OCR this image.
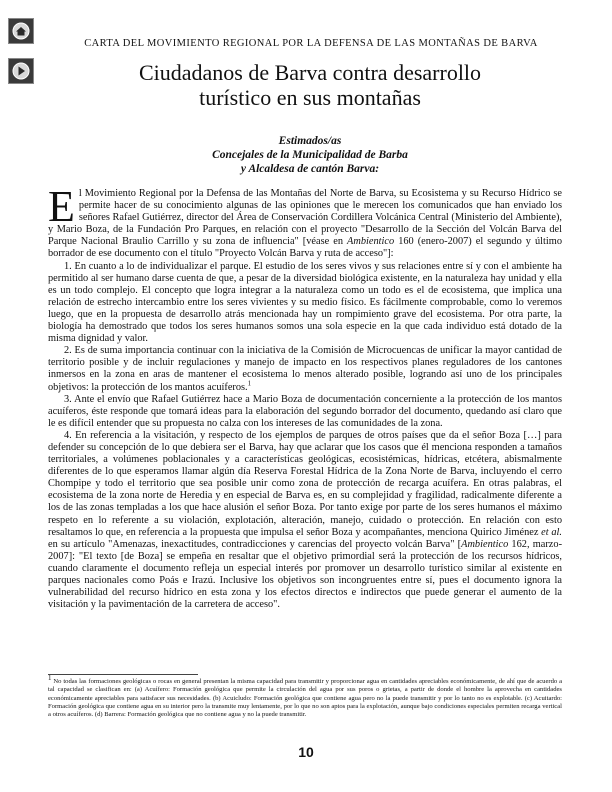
CARTA DEL MOVIMIENTO REGIONAL POR LA DEFENSA DE LAS MONTAÑAS DE BARVA
Ciudadanos de Barva contra desarrollo
turístico en sus montañas
Estimados/as
Concejales de la Municipalidad de Barba
y Alcaldesa de cantón Barva:

El Movimiento Regional por la Defensa de las Montañas del Norte de Barva, su Ecosistema y su Recurso Hídrico se permite hacer de su conocimiento algunas de las opiniones que le merecen los comunicados que han enviado los señores Rafael Gutiérrez, director del Área de Conservación Cordillera Volcánica Central (Ministerio del Ambiente), y Mario Boza, de la Fundación Pro Parques, en relación con el proyecto "Desarrollo de la Sección del Volcán Barva del Parque Nacional Braulio Carrillo y su zona de influencia" [véase en Ambientico 160 (enero-2007) el segundo y último borrador de ese documento con el título "Proyecto Volcán Barva y ruta de acceso"]:

1. En cuanto a lo de individualizar el parque. El estudio de los seres vivos y sus relaciones entre sí y con el ambiente ha permitido al ser humano darse cuenta de que, a pesar de la diversidad biológica existente, en la naturaleza hay unidad y ella es un todo complejo. El concepto que logra integrar a la naturaleza como un todo es el de ecosistema, que implica una relación de estrecho intercambio entre los seres vivientes y su medio físico. Es fácilmente comprobable, como lo veremos luego, que en la propuesta de desarrollo atrás mencionada hay un rompimiento grave del ecosistema. Por otra parte, la biología ha demostrado que todos los seres humanos somos una sola especie en la que cada individuo está dotado de la misma dignidad y valor.

2. Es de suma importancia continuar con la iniciativa de la Comisión de Microcuencas de unificar la mayor cantidad de territorio posible y de incluir regulaciones y manejo de impacto en los respectivos planes reguladores de los cantones inmersos en la zona en aras de mantener el ecosistema lo menos alterado posible, logrando así uno de los principales objetivos: la protección de los mantos acuíferos.$^1$

3. Ante el envío que Rafael Gutiérrez hace a Mario Boza de documentación concerniente a la protección de los mantos acuíferos, éste responde que tomará ideas para la elaboración del segundo borrador del documento, quedando así claro que le es difícil entender que su propuesta no calza con los intereses de las comunidades de la zona.

4. En referencia a la visitación, y respecto de los ejemplos de parques de otros países que da el señor Boza […] para defender su concepción de lo que debiera ser el Barva, hay que aclarar que los casos que él menciona responden a tamaños territoriales, a volúmenes poblacionales y a características geológicas, ecosistémicas, hídricas, etcétera, abismalmente diferentes de lo que esperamos llamar algún día Reserva Forestal Hídrica de la Zona Norte de Barva, incluyendo el cerro Chompipe y todo el territorio que sea posible unir como zona de protección de recarga acuífera. En otras palabras, el ecosistema de la zona norte de Heredia y en especial de Barva es, en su complejidad y fragilidad, radicalmente diferente a los de las zonas templadas a los que hace alusión el señor Boza. Por tanto exige por parte de los seres humanos el máximo respeto en lo referente a su violación, explotación, alteración, manejo, cuidado o protección. En relación con esto resaltamos lo que, en referencia a la propuesta que impulsa el señor Boza y acompañantes, menciona Quirico Jiménez et al. en su artículo "Amenazas, inexactitudes, contradicciones y carencias del proyecto volcán Barva" [Ambientico 162, marzo-2007]: "El texto [de Boza] se empeña en resaltar que el objetivo primordial será la protección de los recursos hídricos, cuando claramente el documento refleja un especial interés por promover un desarrollo turístico similar al existente en parques nacionales como Poás e Irazú. Inclusive los objetivos son incongruentes entre sí, pues el documento ignora la vulnerabilidad del recurso hídrico en esta zona y los efectos directos e indirectos que puede generar el aumento de la visitación y la pavimentación de la carretera de acceso".

$^1$ No todas las formaciones geológicas o rocas en general presentan la misma capacidad para transmitir y proporcionar agua en cantidades apreciables económicamente, de ahí que de acuerdo a tal capacidad se clasifican en: (a) Acuífero: Formación geológica que permite la circulación del agua por sus poros o grietas, a partir de donde el hombre la aprovecha en cantidades económicamente apreciables para satisfacer sus necesidades. (b) Acuicludo: Formación geológica que contiene agua pero no la puede transmitir y por lo tanto no es explotable. (c) Acuitardo: Formación geológica que contiene agua en su interior pero la transmite muy lentamente, por lo que no son aptos para la explotación, aunque bajo condiciones especiales permiten recarga vertical a otros acuíferos. (d) Barrera: Formación geológica que no contiene agua y no la puede transmitir.
10
